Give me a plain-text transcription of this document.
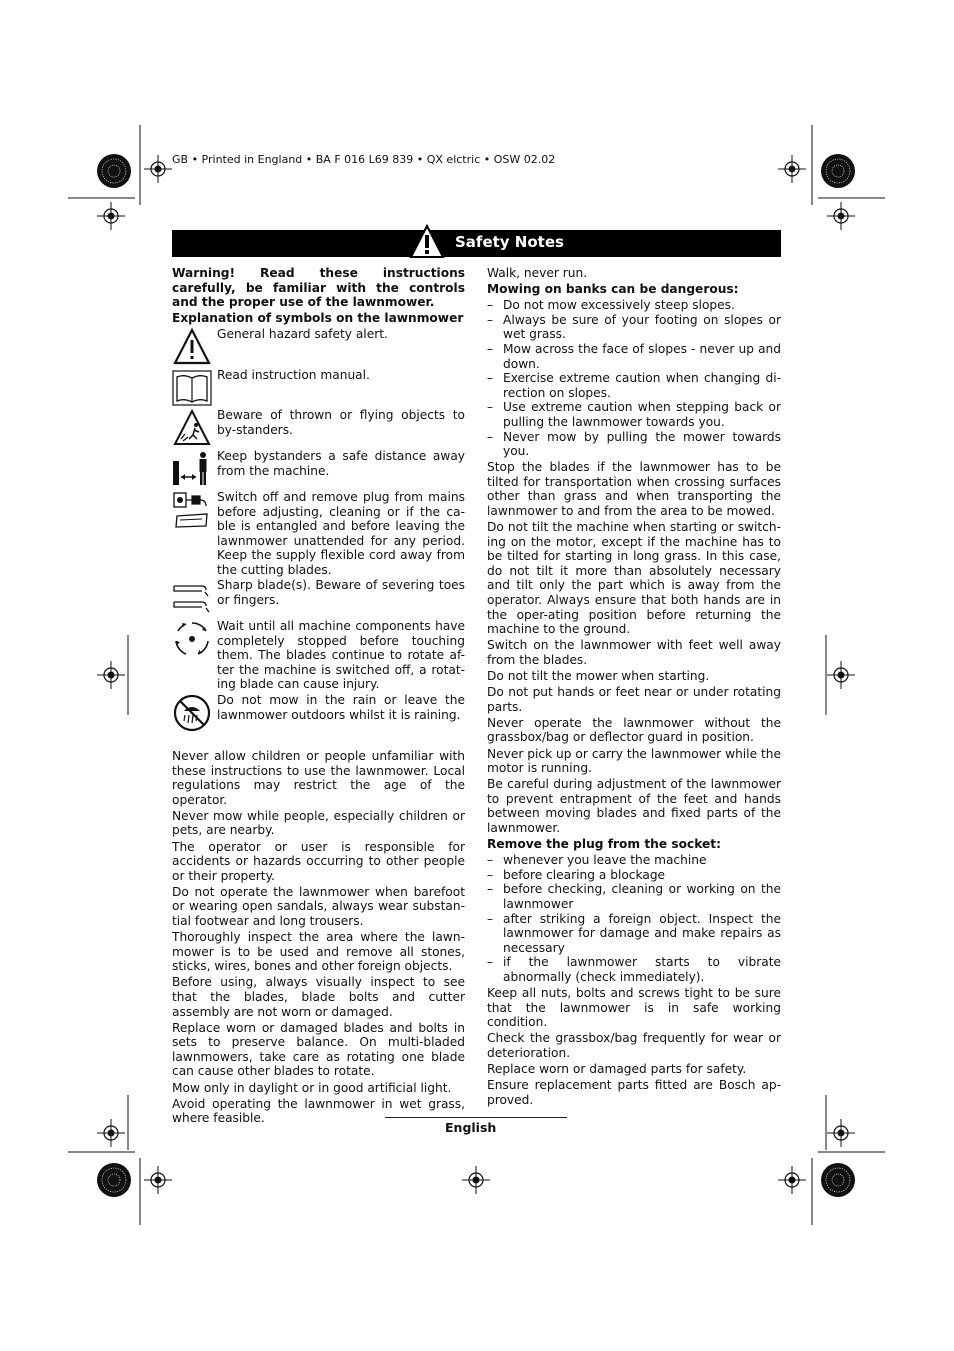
GB • Printed in England • BA F 016 L69 839 • QX elctric • OSW 02.02
Safety Notes

Warning! Read these instructions carefully, be familiar with the controls and the proper use of the lawnmower.

Explanation of symbols on the lawnmower

General hazard safety alert.
Read instruction manual.
Beware of thrown or flying objects to by-standers.
Keep bystanders a safe distance away from the machine.
Switch off and remove plug from mains before adjusting, cleaning or if the ca-ble is entangled and before leaving the lawnmower unattended for any period. Keep the supply flexible cord away from the cutting blades.
Sharp blade(s). Beware of severing toes or fingers.
Wait until all machine components have completely stopped before touching them. The blades continue to rotate af-ter the machine is switched off, a rotat-ing blade can cause injury.
Do not mow in the rain or leave the lawnmower outdoors whilst it is raining.

Never allow children or people unfamiliar with these instructions to use the lawnmower. Local regulations may restrict the age of the operator.

Never mow while people, especially children or pets, are nearby.

The operator or user is responsible for accidents or hazards occurring to other people or their property.

Do not operate the lawnmower when barefoot or wearing open sandals, always wear substan-tial footwear and long trousers.

Thoroughly inspect the area where the lawn-mower is to be used and remove all stones, sticks, wires, bones and other foreign objects.

Before using, always visually inspect to see that the blades, blade bolts and cutter assembly are not worn or damaged.

Replace worn or damaged blades and bolts in sets to preserve balance. On multi-bladed lawnmowers, take care as rotating one blade can cause other blades to rotate.

Mow only in daylight or in good artificial light.

Avoid operating the lawnmower in wet grass, where feasible.

Walk, never run.

Mowing on banks can be dangerous:

– Do not mow excessively steep slopes.
– Always be sure of your footing on slopes or wet grass.
– Mow across the face of slopes - never up and down.
– Exercise extreme caution when changing di-rection on slopes.
– Use extreme caution when stepping back or pulling the lawnmower towards you.
– Never mow by pulling the mower towards you.

Stop the blades if the lawnmower has to be tilted for transportation when crossing surfaces other than grass and when transporting the lawnmower to and from the area to be mowed.

Do not tilt the machine when starting or switch-ing on the motor, except if the machine has to be tilted for starting in long grass. In this case, do not tilt it more than absolutely necessary and tilt only the part which is away from the operator. Always ensure that both hands are in the oper-ating position before returning the machine to the ground.

Switch on the lawnmower with feet well away from the blades.

Do not tilt the mower when starting.

Do not put hands or feet near or under rotating parts.

Never operate the lawnmower without the grassbox/bag or deflector guard in position.

Never pick up or carry the lawnmower while the motor is running.

Be careful during adjustment of the lawnmower to prevent entrapment of the feet and hands between moving blades and fixed parts of the lawnmower.

Remove the plug from the socket:

– whenever you leave the machine
– before clearing a blockage
– before checking, cleaning or working on the lawnmower
– after striking a foreign object. Inspect the lawnmower for damage and make repairs as necessary
– if the lawnmower starts to vibrate abnormally (check immediately).

Keep all nuts, bolts and screws tight to be sure that the lawnmower is in safe working condition.

Check the grassbox/bag frequently for wear or deterioration.

Replace worn or damaged parts for safety.

Ensure replacement parts fitted are Bosch ap-proved.

English
